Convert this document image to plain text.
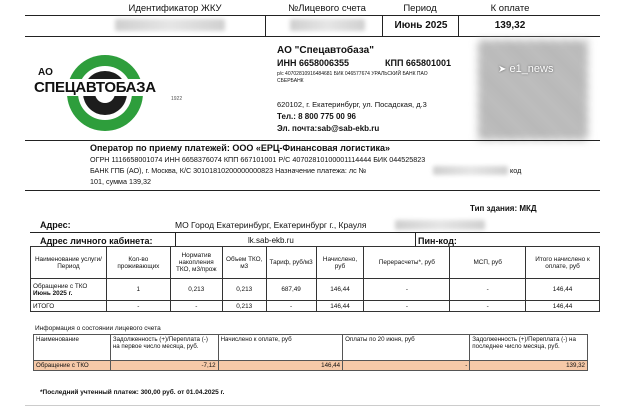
Идентификатор ЖКУ	№Лицевого счета	Период	К оплате
Июнь 2025	139,32
АО
СПЕЦАВТОБАЗА
1922
АО "Спецавтобаза"
ИНН 6658006355	КПП 665801001
р/с 40702810916484681 БИК 046577674 УРАЛЬСКИЙ БАНК ПАО
СБЕРБАНК
620102, г. Екатеринбург, ул. Посадская, д.3
Тел.: 8 800 775 00 96
Эл. почта:sab@sab-ekb.ru
➤ e1_news
Оператор по приему платежей: ООО «ЕРЦ-Финансовая логистика»
ОГРН 1116658001074 ИНН 6658376074 КПП 667101001 Р/С 40702810100001114444 БИК 044525823
БАНК ГПБ (АО), г. Москва, К/С 30101810200000000823 Назначение платежа: лс №	код
101, сумма 139,32
Тип здания: МКД
Адрес:	МО Город Екатеринбург, Екатеринбург г., Крауля
Адрес личного кабинета:	lk.sab-ekb.ru	Пин-код:
Наименование услуги/ Период	Кол-во проживающих	Норматив накопления ТКО, м3/прож	Объем ТКО, м3	Тариф, руб/м3	Начислено, руб	Перерасчеты*, руб	МСП, руб	Итого начислено к оплате, руб
Обращение с ТКО
Июнь 2025 г.	1	0,213	0,213	687,49	146,44	-	-	146,44
ИТОГО	-	-	0,213	-	146,44	-	-	146,44
Информация о состоянии лицевого счета
Наименование	Задолженность (+)/Переплата (-) на первое число месяца, руб.	Начислено к оплате, руб	Оплаты по 20 июня, руб	Задолженность (+)/Переплата (-) на последнее число месяца, руб.
Обращение с ТКО	-7,12	146,44	-	139,32
*Последний учтенный платеж: 300,00 руб. от 01.04.2025 г.
